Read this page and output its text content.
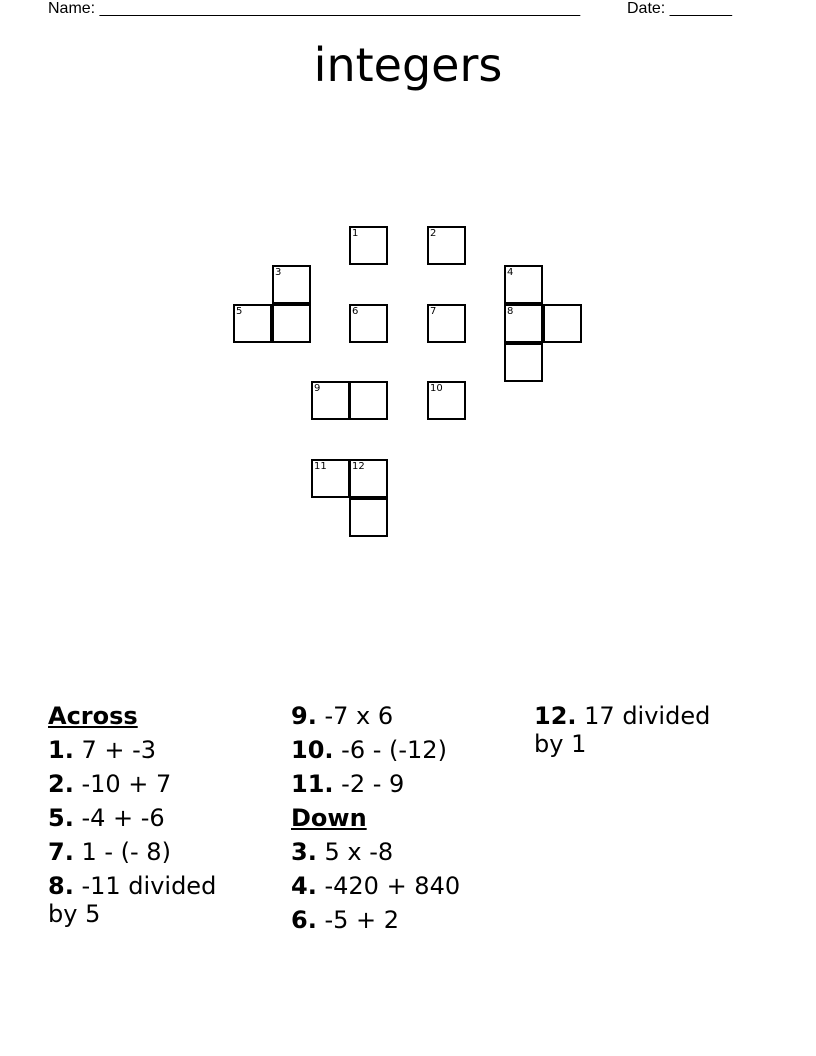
Name: ______________________________________________________	Date: _______
integers
1	2
3	4
5	6	7	8
9	10
11	12
Across
1. 7 + -3
2. -10 + 7
5. -4 + -6
7. 1 - (- 8)
8. -11 divided by 5
9. -7 x 6
10. -6 - (-12)
11. -2 - 9
Down
3. 5 x -8
4. -420 + 840
6. -5 + 2
12. 17 divided by 1
